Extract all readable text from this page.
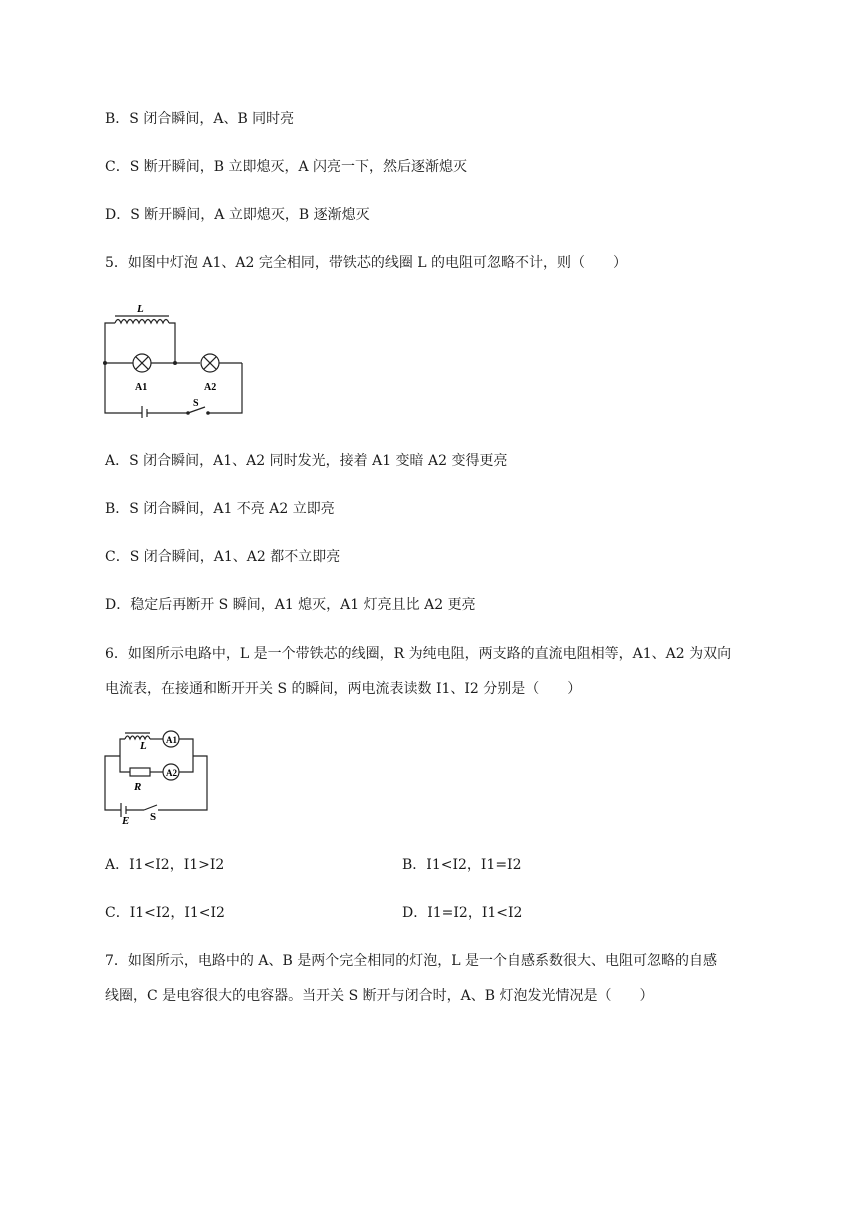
B．S 闭合瞬间，A、B 同时亮
C．S 断开瞬间，B 立即熄灭，A 闪亮一下，然后逐渐熄灭
D．S 断开瞬间，A 立即熄灭，B 逐渐熄灭
5．如图中灯泡 A1、A2 完全相同，带铁芯的线圈 L 的电阻可忽略不计，则（　　）
L
A1	A2
S
A．S 闭合瞬间，A1、A2 同时发光，接着 A1 变暗 A2 变得更亮
B．S 闭合瞬间，A1 不亮 A2 立即亮
C．S 闭合瞬间，A1、A2 都不立即亮
D．稳定后再断开 S 瞬间，A1 熄灭，A1 灯亮且比 A2 更亮
6．如图所示电路中，L 是一个带铁芯的线圈，R 为纯电阻，两支路的直流电阻相等，A1、A2 为双向
电流表，在接通和断开开关 S 的瞬间，两电流表读数 I1、I2 分别是（　　）
A1
A2
L
R
E S
A．I1<I2，I1>I2	B．I1<I2，I1=I2
C．I1<I2，I1<I2	D．I1=I2，I1<I2
7．如图所示，电路中的 A、B 是两个完全相同的灯泡，L 是一个自感系数很大、电阻可忽略的自感
线圈，C 是电容很大的电容器。当开关 S 断开与闭合时，A、B 灯泡发光情况是（　　）
